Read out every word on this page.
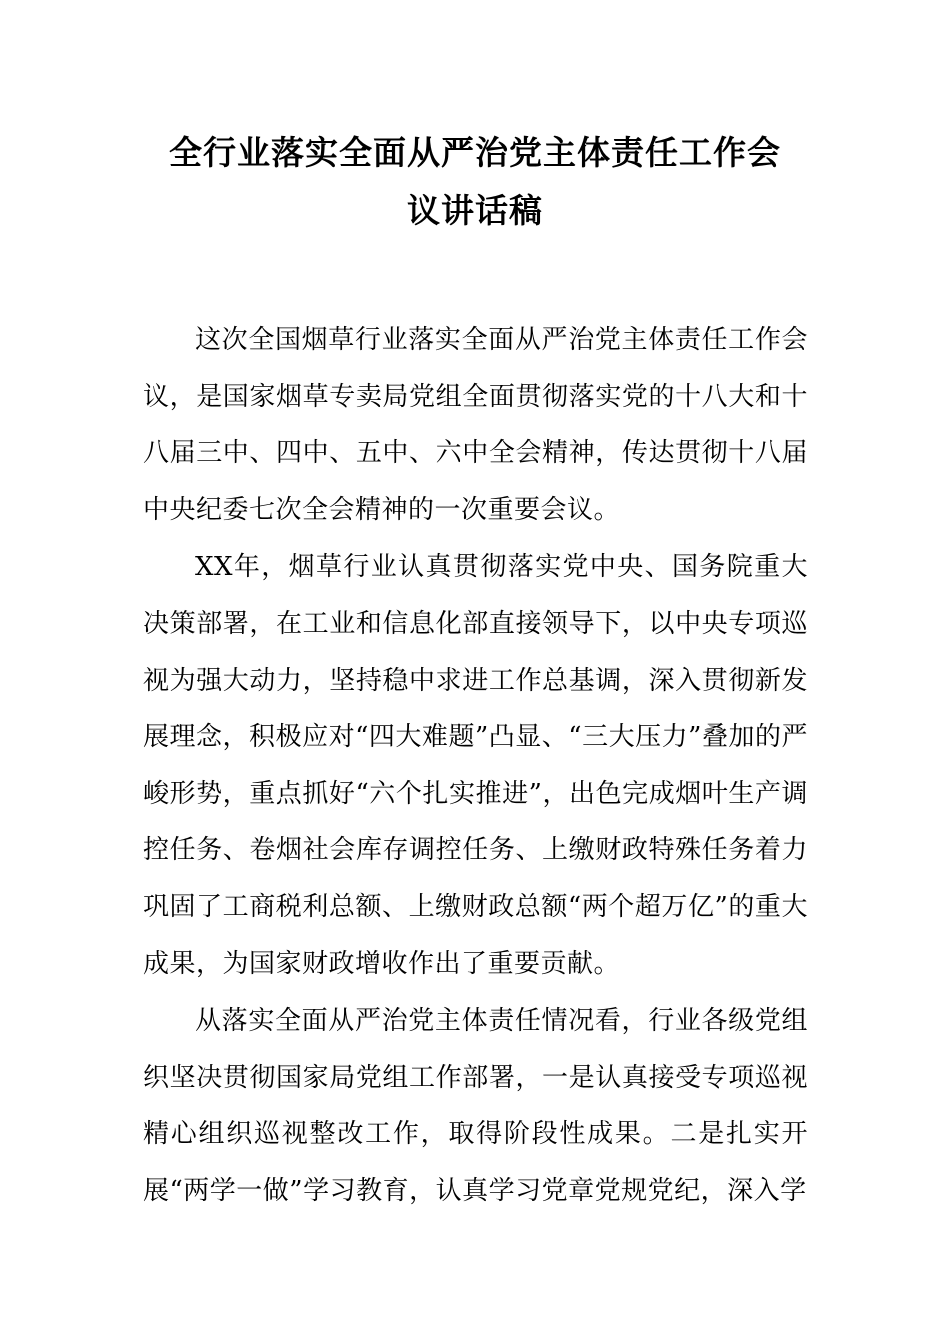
全行业落实全面从严治党主体责任工作会
议讲话稿

这次全国烟草行业落实全面从严治党主体责任工作会议，是国家烟草专卖局党组全面贯彻落实党的十八大和十八届三中、四中、五中、六中全会精神，传达贯彻十八届中央纪委七次全会精神的一次重要会议。

XX年，烟草行业认真贯彻落实党中央、国务院重大决策部署，在工业和信息化部直接领导下，以中央专项巡视为强大动力，坚持稳中求进工作总基调，深入贯彻新发展理念，积极应对“四大难题”凸显、“三大压力”叠加的严峻形势，重点抓好“六个扎实推进”，出色完成烟叶生产调控任务、卷烟社会库存调控任务、上缴财政特殊任务着力巩固了工商税利总额、上缴财政总额“两个超万亿”的重大成果，为国家财政增收作出了重要贡献。

从落实全面从严治党主体责任情况看，行业各级党组织坚决贯彻国家局党组工作部署，一是认真接受专项巡视精心组织巡视整改工作，取得阶段性成果。二是扎实开展“两学一做”学习教育，认真学习党章党规党纪，深入学
